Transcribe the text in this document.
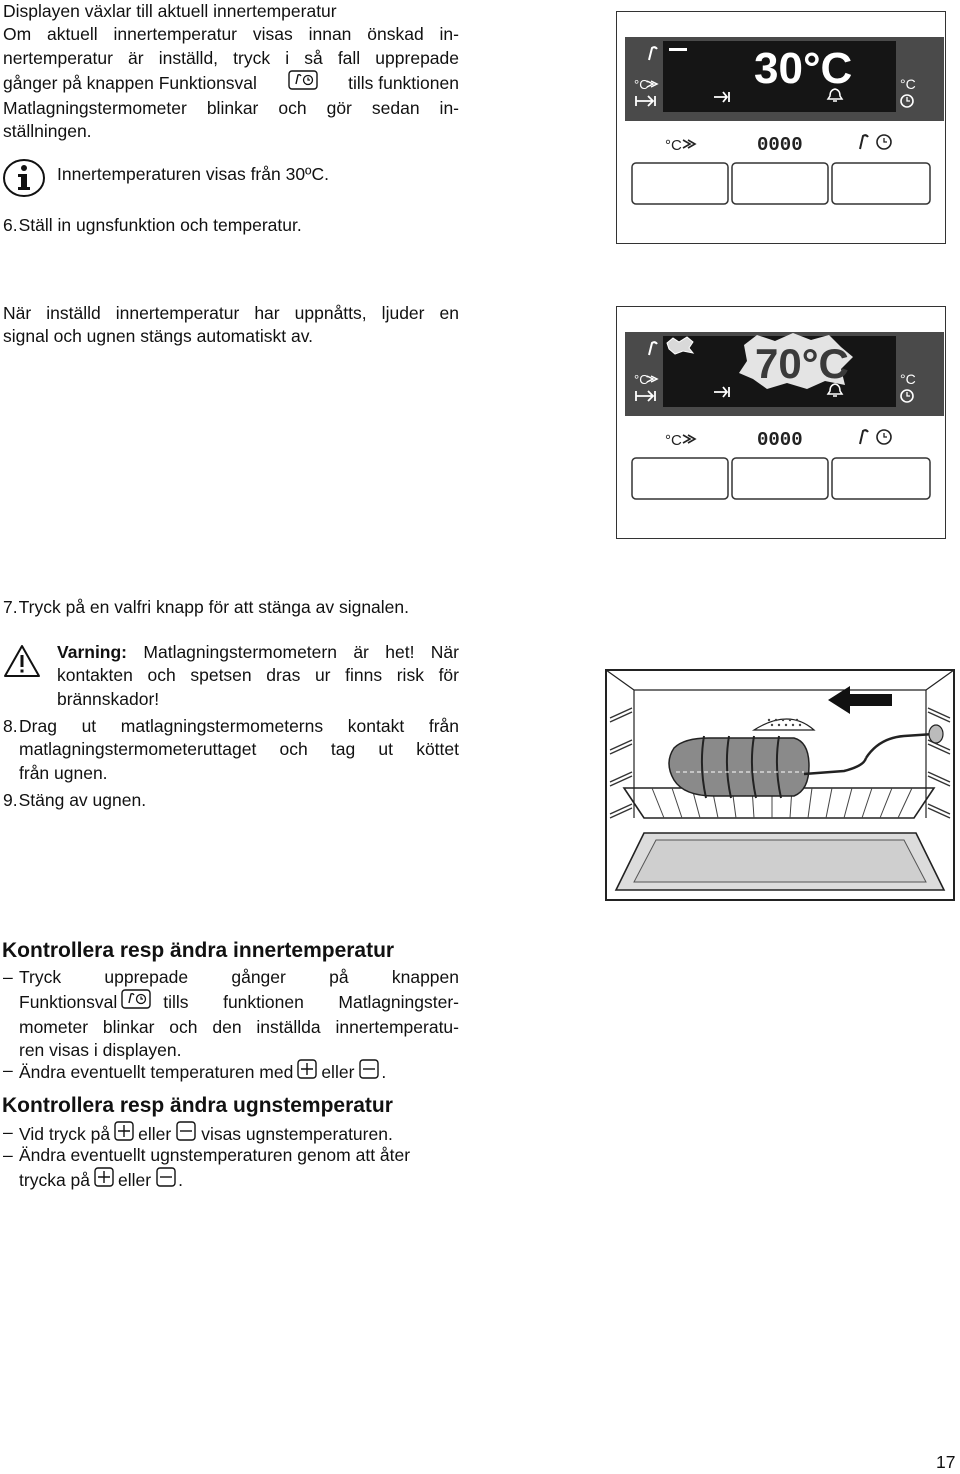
Displayen växlar till aktuell innertemperatur
Om aktuell innertemperatur visas innan önskad in-
nertemperatur är inställd, tryck i så fall upprepade
gånger på knappen Funktionsval	tills funktionen
Matlagningstermometer blinkar och gör sedan in-
ställningen.
Innertemperaturen visas från 30ºC.
6.Ställ in ugnsfunktion och temperatur.
När inställd innertemperatur har uppnåtts, ljuder en
signal och ugnen stängs automatiskt av.
7.Tryck på en valfri knapp för att stänga av signalen.
Varning: Matlagningstermometern är het! När
kontakten och spetsen dras ur finns risk för
brännskador!
8. Drag ut matlagningstermometerns kontakt från
matlagningstermometeruttaget och tag ut köttet
från ugnen.
9.Stäng av ugnen.
°C	°C
30°C
°C	0000
°C	°C
70°C
°C	0000
Kontrollera resp ändra innertemperatur
– Tryck upprepade gånger på knappen
Funktionsval	tills funktionen Matlagningster-
mometer blinkar och den inställda innertemperatu-
ren visas i displayen.
– Ändra eventuellt temperaturen med eller .
Kontrollera resp ändra ugnstemperatur
– Vid tryck på eller visas ugnstemperaturen.
– Ändra eventuellt ugnstemperaturen genom att åter
trycka på eller .
17
